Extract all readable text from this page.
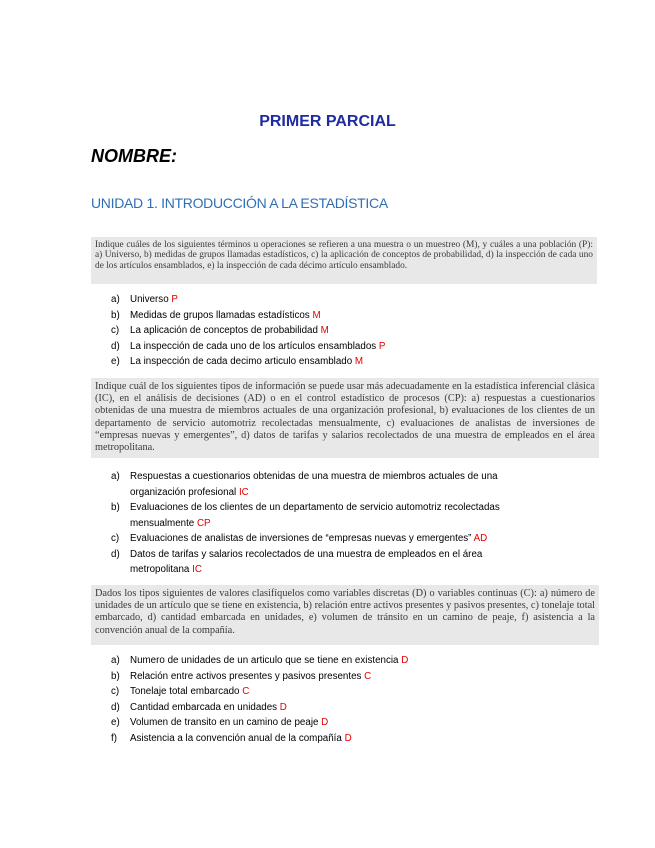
PRIMER PARCIAL
NOMBRE:
UNIDAD 1. INTRODUCCIÓN A LA ESTADÍSTICA
Indique cuáles de los siguientes términos u operaciones se refieren a una muestra o un muestreo (M), y cuáles a una población (P): a) Universo, b) medidas de grupos llamadas estadísticos, c) la aplicación de conceptos de probabilidad, d) la inspección de cada uno de los artículos ensamblados, e) la inspección de cada décimo artículo ensamblado.
a) Universo P
b) Medidas de grupos llamadas estadísticos M
c) La aplicación de conceptos de probabilidad M
d) La inspección de cada uno de los artículos ensamblados P
e) La inspección de cada decimo articulo ensamblado M
Indique cuál de los siguientes tipos de información se puede usar más adecuadamente en la estadística inferencial clásica (IC), en el análisis de decisiones (AD) o en el control estadístico de procesos (CP): a) respuestas a cuestionarios obtenidas de una muestra de miembros actuales de una organización profesional, b) evaluaciones de los clientes de un departamento de servicio automotriz recolectadas mensualmente, c) evaluaciones de analistas de inversiones de “empresas nuevas y emergentes”, d) datos de tarifas y salarios recolectados de una muestra de empleados en el área metropolitana.
a) Respuestas a cuestionarios obtenidas de una muestra de miembros actuales de una organización profesional IC
b) Evaluaciones de los clientes de un departamento de servicio automotriz recolectadas mensualmente CP
c) Evaluaciones de analistas de inversiones de “empresas nuevas y emergentes” AD
d) Datos de tarifas y salarios recolectados de una muestra de empleados en el área metropolitana IC
Dados los tipos siguientes de valores clasifíquelos como variables discretas (D) o variables continuas (C): a) número de unidades de un artículo que se tiene en existencia, b) relación entre activos presentes y pasivos presentes, c) tonelaje total embarcado, d) cantidad embarcada en unidades, e) volumen de tránsito en un camino de peaje, f) asistencia a la convención anual de la compañía.
a) Numero de unidades de un articulo que se tiene en existencia D
b) Relación entre activos presentes y pasivos presentes C
c) Tonelaje total embarcado C
d) Cantidad embarcada en unidades D
e) Volumen de transito en un camino de peaje D
f) Asistencia a la convención anual de la compañía D
